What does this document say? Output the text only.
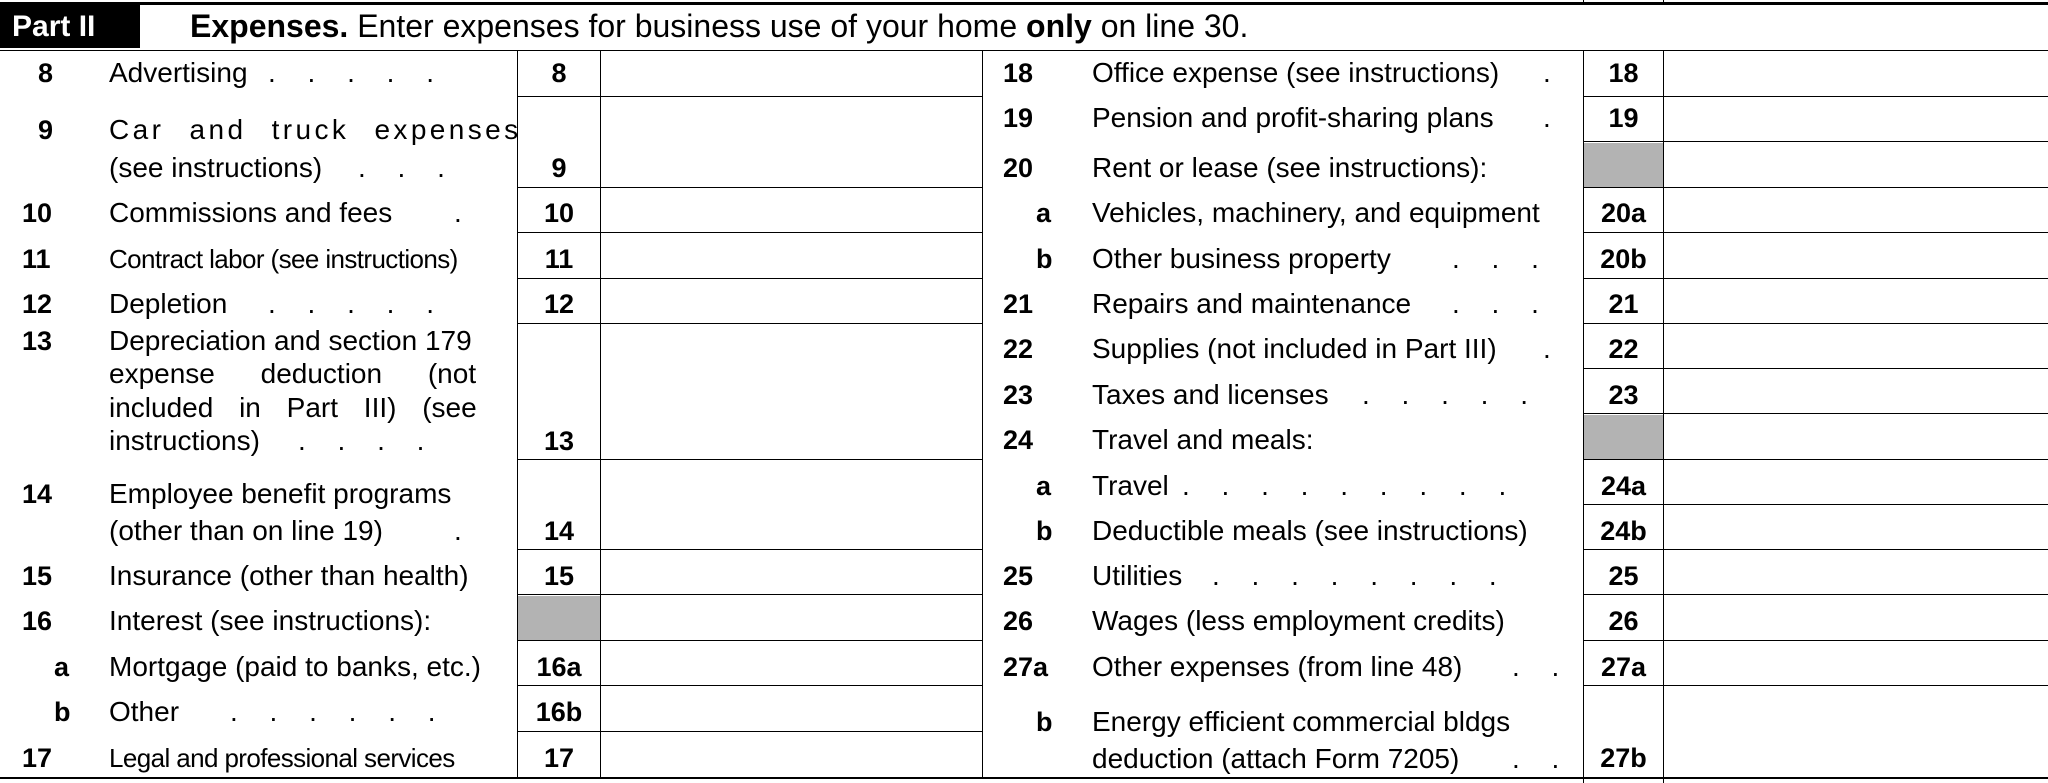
Part II	Expenses. Enter expenses for business use of your home only on line 30.
8 Advertising . . . . .	8
9 Car and truck expenses
(see instructions) . . .	9
10 Commissions and fees .	10
11 Contract labor (see instructions)	11
12 Depletion . . . . .	12
13 Depreciation and section 179
expense deduction (not
included in Part III) (see
instructions) . . . .	13
14 Employee benefit programs
(other than on line 19)	.	14
15 Insurance (other than health)	15
16 Interest (see instructions):
a Mortgage (paid to banks, etc.)	16a
b Other . . . . . .	16b
17 Legal and professional services	17
18 Office expense (see instructions) .	18
19 Pension and profit-sharing plans .	19
20 Rent or lease (see instructions):
a Vehicles, machinery, and equipment	20a
b Other business property . . .	20b
21 Repairs and maintenance . . .	21
22 Supplies (not included in Part III) .	22
23 Taxes and licenses . . . . .	23
24 Travel and meals:
a Travel . . . . . . . . .	24a
b Deductible meals (see instructions)	24b
25 Utilities . . . . . . . .	25
26 Wages (less employment credits)	26
27a Other expenses (from line 48) . .	27a
b Energy efficient commercial bldgs
deduction (attach Form 7205) . .	27b
